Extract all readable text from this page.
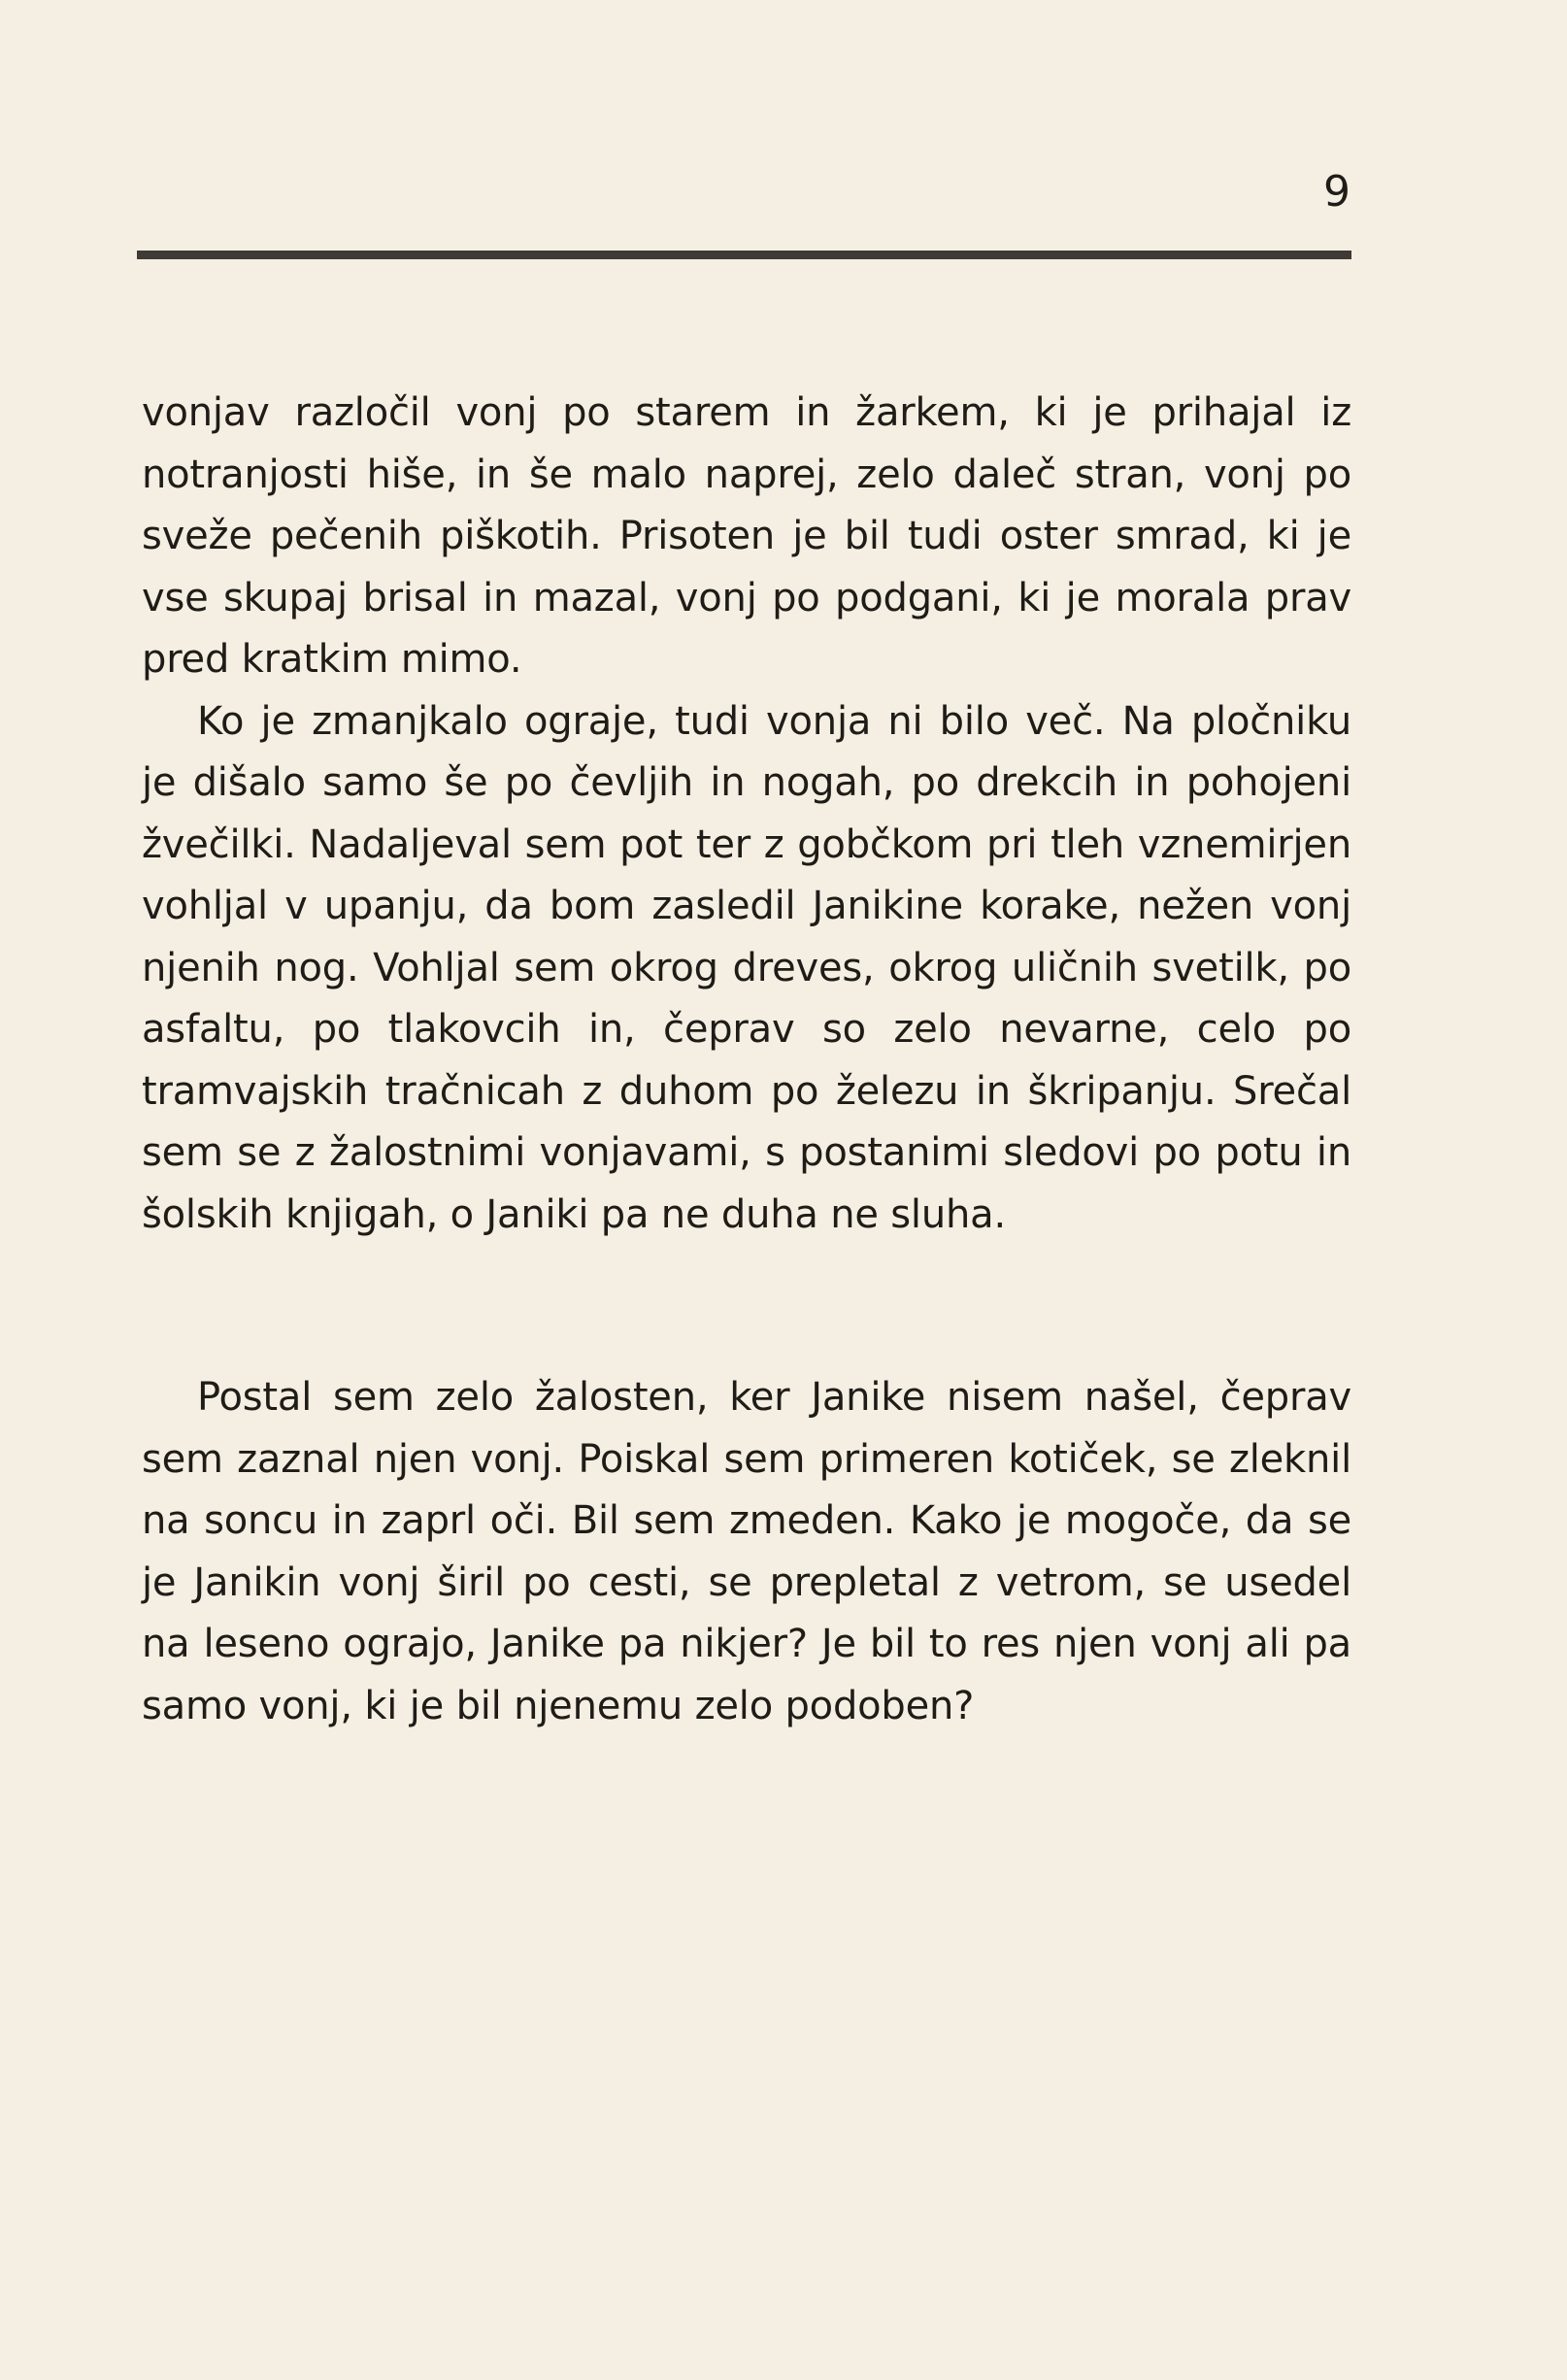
9

vonjav razločil vonj po starem in žarkem, ki je prihajal iz notranjosti hiše, in še malo naprej, zelo daleč stran, vonj po sveže pečenih piškotih. Prisoten je bil tudi oster smrad, ki je vse skupaj brisal in mazal, vonj po podgani, ki je morala prav pred kratkim mimo.

Ko je zmanjkalo ograje, tudi vonja ni bilo več. Na pločniku je dišalo samo še po čevljih in nogah, po drekcih in pohojeni žvečilki. Nadaljeval sem pot ter z gobčkom pri tleh vznemirjen vohljal v upanju, da bom zasledil Janikine korake, nežen vonj njenih nog. Vohljal sem okrog dreves, okrog uličnih svetilk, po asfaltu, po tlakovcih in, čeprav so zelo nevarne, celo po tramvajskih tračnicah z duhom po železu in škripanju. Srečal sem se z žalostnimi vonjavami, s postanimi sledovi po potu in šolskih knjigah, o Janiki pa ne duha ne sluha.

Postal sem zelo žalosten, ker Janike nisem našel, čeprav sem zaznal njen vonj. Poiskal sem primeren kotiček, se zleknil na soncu in zaprl oči. Bil sem zmeden. Kako je mogoče, da se je Janikin vonj širil po cesti, se prepletal z vetrom, se usedel na leseno ograjo, Janike pa nikjer? Je bil to res njen vonj ali pa samo vonj, ki je bil njenemu zelo podoben?
